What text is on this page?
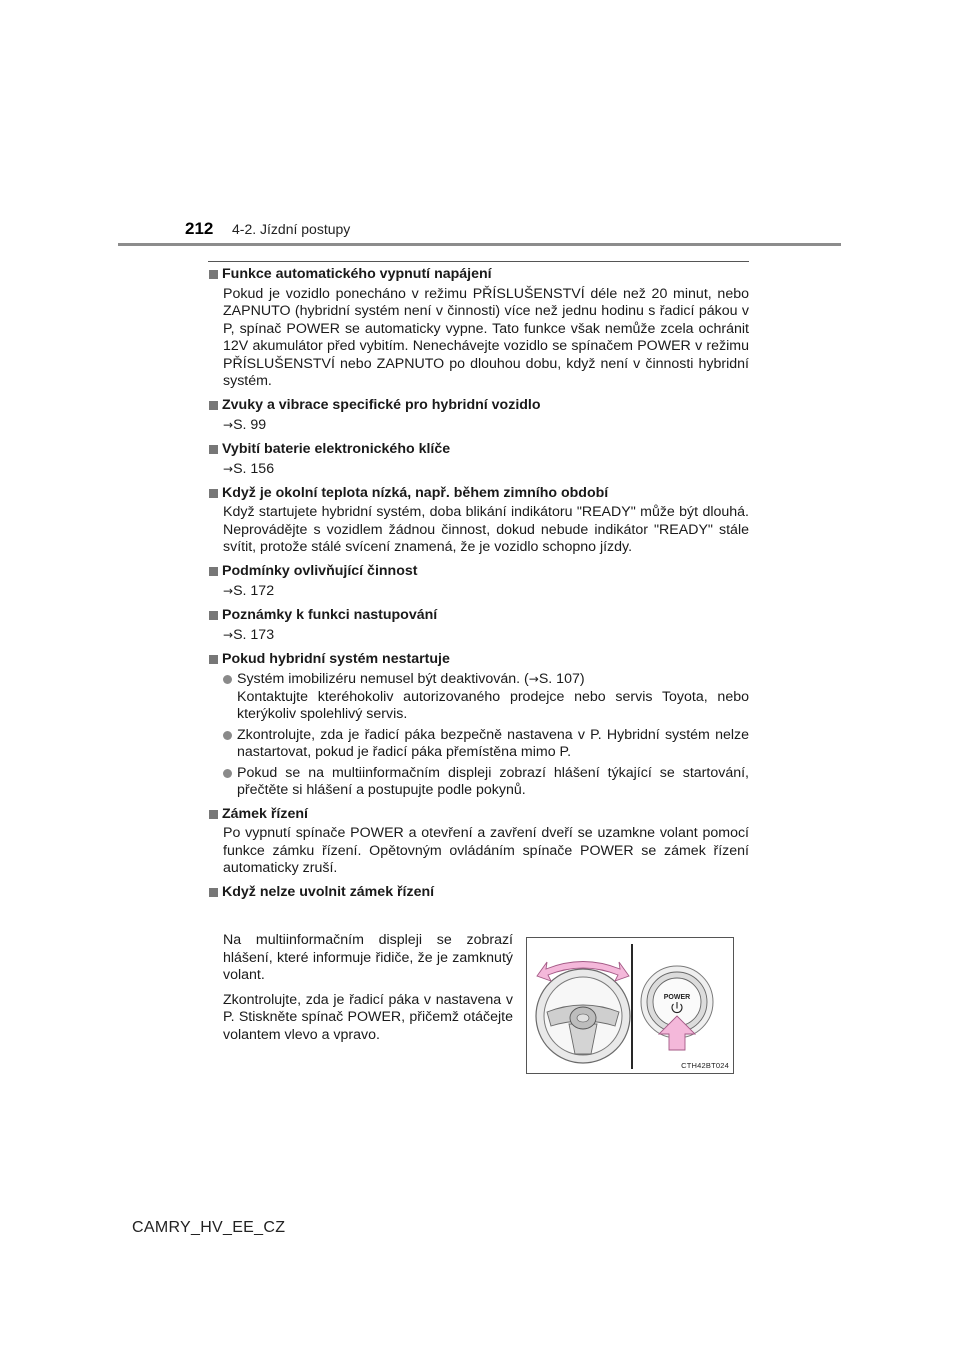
212 4-2. Jízdní postupy
Funkce automatického vypnutí napájení
Pokud je vozidlo ponecháno v režimu PŘÍSLUŠENSTVÍ déle než 20 minut, nebo ZAPNUTO (hybridní systém není v činnosti) více než jednu hodinu s řadicí pákou v P, spínač POWER se automaticky vypne. Tato funkce však nemůže zcela ochránit 12V akumulátor před vybitím. Nenechávejte vozidlo se spínačem POWER v režimu PŘÍSLUŠENSTVÍ nebo ZAPNUTO po dlouhou dobu, když není v činnosti hybridní systém.
Zvuky a vibrace specifické pro hybridní vozidlo
→S. 99
Vybití baterie elektronického klíče
→S. 156
Když je okolní teplota nízká, např. během zimního období
Když startujete hybridní systém, doba blikání indikátoru "READY" může být dlouhá. Neprovádějte s vozidlem žádnou činnost, dokud nebude indikátor "READY" stále svítit, protože stálé svícení znamená, že je vozidlo schopno jízdy.
Podmínky ovlivňující činnost
→S. 172
Poznámky k funkci nastupování
→S. 173
Pokud hybridní systém nestartuje
Systém imobilizéru nemusel být deaktivován. (→S. 107)
Kontaktujte kteréhokoliv autorizovaného prodejce nebo servis Toyota, nebo kterýkoliv spolehlivý servis.
Zkontrolujte, zda je řadicí páka bezpečně nastavena v P. Hybridní systém nelze nastartovat, pokud je řadicí páka přemístěna mimo P.
Pokud se na multiinformačním displeji zobrazí hlášení týkající se startování, přečtěte si hlášení a postupujte podle pokynů.
Zámek řízení
Po vypnutí spínače POWER a otevření a zavření dveří se uzamkne volant pomocí funkce zámku řízení. Opětovným ovládáním spínače POWER se zámek řízení automaticky zruší.
Když nelze uvolnit zámek řízení

Na multiinformačním displeji se zobrazí hlášení, které informuje řidiče, že je zamknutý volant.

Zkontrolujte, zda je řadicí páka v nastavena v P. Stiskněte spínač POWER, přičemž otáčejte volantem vlevo a vpravo.

POWER
CTH42BT024
CAMRY_HV_EE_CZ
